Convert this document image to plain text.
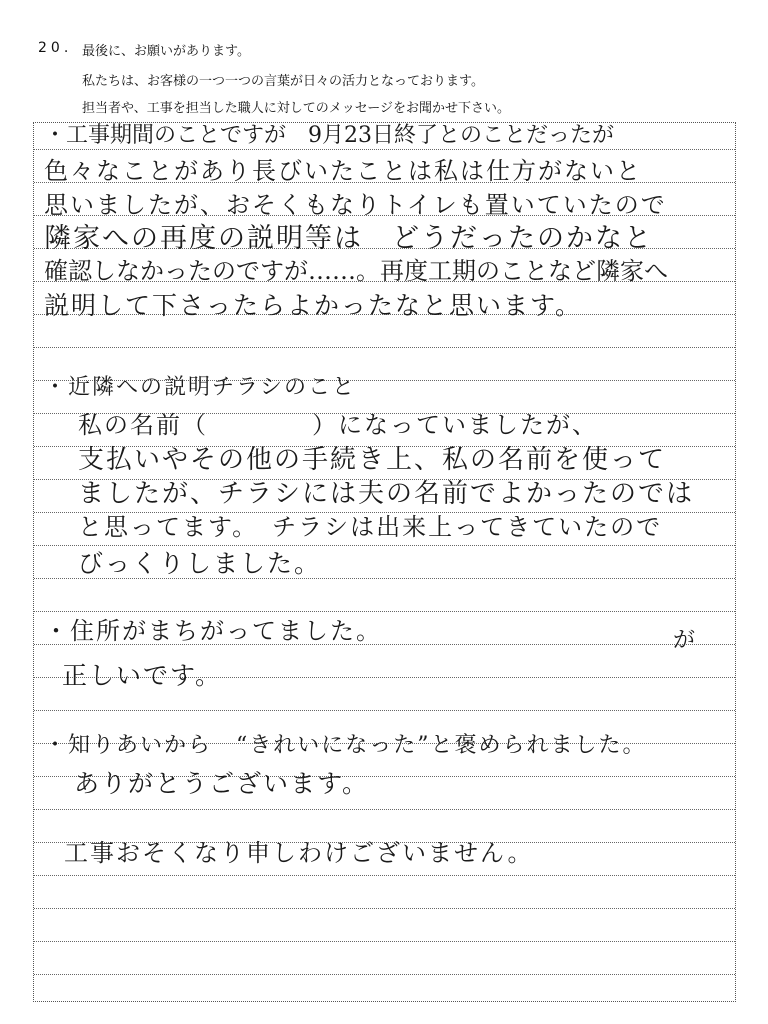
20. 最後に、お願いがあります。
私たちは、お客様の一つ一つの言葉が日々の活力となっております。
担当者や、工事を担当した職人に対してのメッセージをお聞かせ下さい。
・工事期間のことですが　9月23日終了とのことだったが
色々なことがあり長びいたことは私は仕方がないと
思いましたが、おそくもなりトイレも置いていたので
隣家への再度の説明等は　どうだったのかなと
確認しなかったのですが……。再度工期のことなど隣家へ
説明して下さったらよかったなと思います。
・近隣への説明チラシのこと
私の名前（　　　　）になっていましたが、
支払いやその他の手続き上、私の名前を使って
ましたが、チラシには夫の名前でよかったのでは
と思ってます。　チラシは出来上ってきていたので
びっくりしました。
・住所がまちがってました。	が
正しいです。
・知りあいから　“きれいになった”と褒められました。
ありがとうございます。
工事おそくなり申しわけございません。
